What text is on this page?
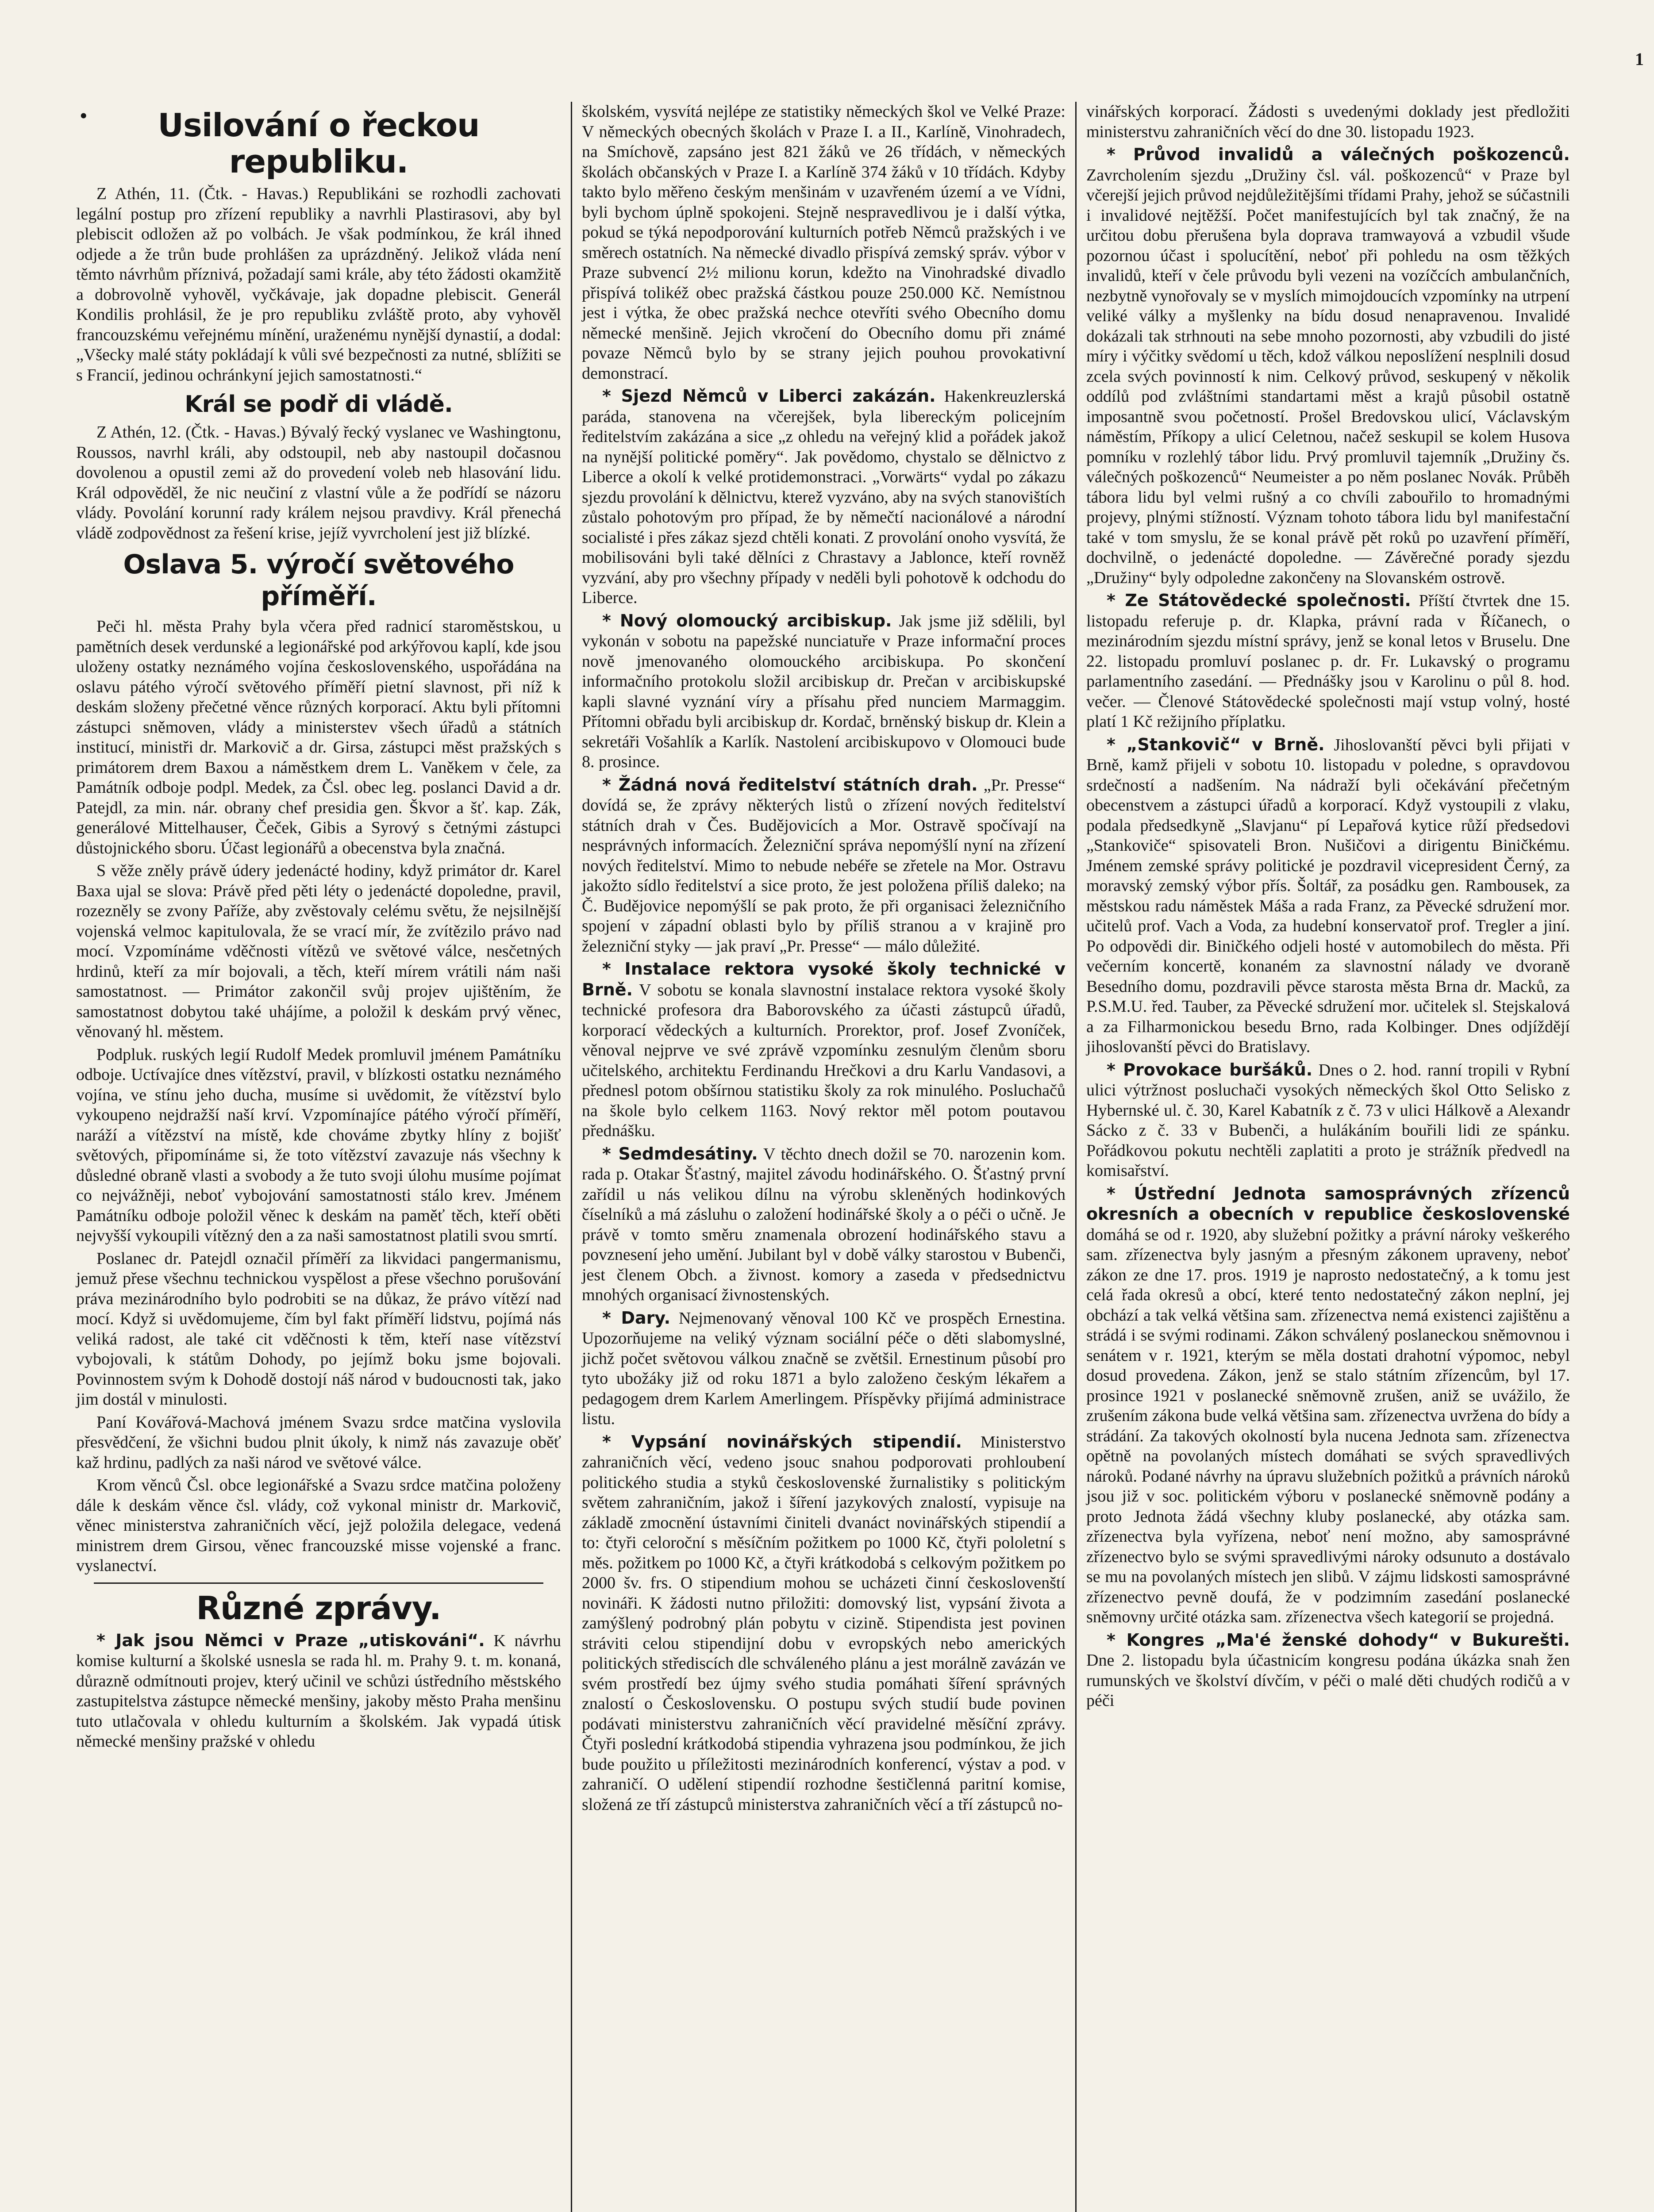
1
•	Usilování o řeckou republiku.

Z Athén, 11. (Čtk. - Havas.) Republikáni se rozhodli zachovati legální postup pro zřízení republiky a navrhli Plastirasovi, aby byl plebiscit odložen až po volbách. Je však podmínkou, že král ihned odjede a že trůn bude prohlášen za uprázdněný. Jelikož vláda není těmto návrhům příznivá, požadají sami krále, aby této žádosti okamžitě a dobrovolně vyhověl, vyčkávaje, jak dopadne plebiscit. Generál Kondilis prohlásil, že je pro republiku zvláště proto, aby vyhověl francouzskému veřejnému mínění, uraženému nynější dynastií, a dodal: „Všecky malé státy pokládají k vůli své bezpečnosti za nutné, sblížiti se s Francií, jedinou ochránkyní jejich samostatnosti.“

Král se podř di vládě.

Z Athén, 12. (Čtk. - Havas.) Bývalý řecký vyslanec ve Washingtonu, Roussos, navrhl králi, aby odstoupil, neb aby nastoupil dočasnou dovolenou a opustil zemi až do provedení voleb neb hlasování lidu. Král odpověděl, že nic neučiní z vlastní vůle a že podřídí se názoru vlády. Povolání korunní rady králem nejsou pravdivy. Král přenechá vládě zodpovědnost za řešení krise, jejíž vyvrcholení jest již blízké.

Oslava 5. výročí světového příměří.

Peči hl. města Prahy byla včera před radnicí staroměstskou, u pamětních desek verdunské a legionářské pod arkýřovou kaplí, kde jsou uloženy ostatky neznámého vojína československého, uspořádána na oslavu pátého výročí světového příměří pietní slavnost, při níž k deskám složeny přečetné věnce různých korporací. Aktu byli přítomni zástupci sněmoven, vlády a ministerstev všech úřadů a státních institucí, ministři dr. Markovič a dr. Girsa, zástupci měst pražských s primátorem drem Baxou a náměstkem drem L. Vaněkem v čele, za Památník odboje podpl. Medek, za Čsl. obec leg. poslanci David a dr. Patejdl, za min. nár. obrany chef presidia gen. Škvor a šť. kap. Zák, generálové Mittelhauser, Čeček, Gibis a Syrový s četnými zástupci důstojnického sboru. Účast legionářů a obecenstva byla značná.

S věže zněly právě údery jedenácté hodiny, když primátor dr. Karel Baxa ujal se slova: Právě před pěti léty o jedenácté dopoledne, pravil, rozezněly se zvony Paříže, aby zvěstovaly celému světu, že nejsilnější vojenská velmoc kapitulovala, že se vrací mír, že zvítězilo právo nad mocí. Vzpomínáme vděčnosti vítězů ve světové válce, nesčetných hrdinů, kteří za mír bojovali, a těch, kteří mírem vrátili nám naši samostatnost. — Primátor zakončil svůj projev ujištěním, že samostatnost dobytou také uhájíme, a položil k deskám prvý věnec, věnovaný hl. městem.

Podpluk. ruských legií Rudolf Medek promluvil jménem Památníku odboje. Uctívajíce dnes vítězství, pravil, v blízkosti ostatku neznámého vojína, ve stínu jeho ducha, musíme si uvědomit, že vítězství bylo vykoupeno nejdražší naší krví. Vzpomínajíce pátého výročí příměří, naráží a vítězství na místě, kde chováme zbytky hlíny z bojišť světových, připomínáme si, že toto vítězství zavazuje nás všechny k důsledné obraně vlasti a svobody a že tuto svoji úlohu musíme pojímat co nejvážněji, neboť vybojování samostatnosti stálo krev. Jménem Památníku odboje položil věnec k deskám na paměť těch, kteří oběti nejvyšší vykoupili vítězný den a za naši samostatnost platili svou smrtí.

Poslanec dr. Patejdl označil příměří za likvidaci pangermanismu, jemuž přese všechnu technickou vyspělost a přese všechno porušování práva mezinárodního bylo podrobiti se na důkaz, že právo vítězí nad mocí. Když si uvědomujeme, čím byl fakt příměří lidstvu, pojímá nás veliká radost, ale také cit vděčnosti k těm, kteří nase vítězství vybojovali, k státům Dohody, po jejímž boku jsme bojovali. Povinnostem svým k Dohodě dostojí náš národ v budoucnosti tak, jako jim dostál v minulosti.

Paní Kovářová-Machová jménem Svazu srdce matčina vyslovila přesvědčení, že všichni budou plnit úkoly, k nimž nás zavazuje oběť kaž hrdinu, padlých za naši národ ve světové válce.

Krom věnců Čsl. obce legionářské a Svazu srdce matčina položeny dále k deskám věnce čsl. vlády, což vykonal ministr dr. Markovič, věnec ministerstva zahraničních věcí, jejž položila delegace, vedená ministrem drem Girsou, věnec francouzské misse vojenské a franc. vyslanectví.

Různé zprávy.

* Jak jsou Němci v Praze „utiskováni“. K návrhu komise kulturní a školské usnesla se rada hl. m. Prahy 9. t. m. konaná, důrazně odmítnouti projev, který učinil ve schůzi ústředního městského zastupitelstva zástupce německé menšiny, jakoby město Praha menšinu tuto utlačovala v ohledu kulturním a školském. Jak vypadá útisk německé menšiny pražské v ohledu

školském, vysvítá nejlépe ze statistiky německých škol ve Velké Praze: V německých obecných školách v Praze I. a II., Karlíně, Vinohradech, na Smíchově, zapsáno jest 821 žáků ve 26 třídách, v německých školách občanských v Praze I. a Karlíně 374 žáků v 10 třídách. Kdyby takto bylo měřeno českým menšinám v uzavřeném území a ve Vídni, byli bychom úplně spokojeni. Stejně nespravedlivou je i další výtka, pokud se týká nepodporování kulturních potřeb Němců pražských i ve směrech ostatních. Na německé divadlo přispívá zemský správ. výbor v Praze subvencí 2½ milionu korun, kdežto na Vinohradské divadlo přispívá tolikéž obec pražská částkou pouze 250.000 Kč. Nemístnou jest i výtka, že obec pražská nechce otevříti svého Obecního domu německé menšině. Jejich vkročení do Obecního domu při známé povaze Němců bylo by se strany jejich pouhou provokativní demonstrací.

* Sjezd Němců v Liberci zakázán. Hakenkreuzlerská paráda, stanovena na včerejšek, byla libereckým policejním ředitelstvím zakázána a sice „z ohledu na veřejný klid a pořádek jakož na nynější politické poměry“. Jak povědomo, chystalo se dělnictvo z Liberce a okolí k velké protidemonstraci. „Vorwärts“ vydal po zákazu sjezdu provolání k dělnictvu, kterež vyzváno, aby na svých stanovištích zůstalo pohotovým pro případ, že by němečtí nacionálové a národní socialisté i přes zákaz sjezd chtěli konati. Z provolání onoho vysvítá, že mobilisováni byli také dělníci z Chrastavy a Jablonce, kteří rovněž vyzvání, aby pro všechny případy v neděli byli pohotově k odchodu do Liberce.

* Nový olomoucký arcibiskup. Jak jsme již sdělili, byl vykonán v sobotu na papežské nunciatuře v Praze informační proces nově jmenovaného olomouckého arcibiskupa. Po skončení informačního protokolu složil arcibiskup dr. Prečan v arcibiskupské kapli slavné vyznání víry a přísahu před nunciem Marmaggim. Přítomni obřadu byli arcibiskup dr. Kordač, brněnský biskup dr. Klein a sekretáři Vošahlík a Karlík. Nastolení arcibiskupovo v Olomouci bude 8. prosince.

* Žádná nová ředitelství státních drah. „Pr. Presse“ dovídá se, že zprávy některých listů o zřízení nových ředitelství státních drah v Čes. Budějovicích a Mor. Ostravě spočívají na nesprávných informacích. Železniční správa nepomýšlí nyní na zřízení nových ředitelství. Mimo to nebude nebéře se zřetele na Mor. Ostravu jakožto sídlo ředitelství a sice proto, že jest položena příliš daleko; na Č. Budějovice nepomýšlí se pak proto, že při organisaci železničního spojení v západní oblasti bylo by příliš stranou a v krajině pro železniční styky — jak praví „Pr. Presse“ — málo důležité.

* Instalace rektora vysoké školy technické v Brně. V sobotu se konala slavnostní instalace rektora vysoké školy technické profesora dra Baborovského za účasti zástupců úřadů, korporací vědeckých a kulturních. Prorektor, prof. Josef Zvoníček, věnoval nejprve ve své zprávě vzpomínku zesnulým členům sboru učitelského, architektu Ferdinandu Hrečkovi a dru Karlu Vandasovi, a přednesl potom obšírnou statistiku školy za rok minulého. Posluchačů na škole bylo celkem 1163. Nový rektor měl potom poutavou přednášku.

* Sedmdesátiny. V těchto dnech dožil se 70. narozenin kom. rada p. Otakar Šťastný, majitel závodu hodinářského. O. Šťastný první zařídil u nás velikou dílnu na výrobu skleněných hodinkových číselníků a má zásluhu o založení hodinářské školy a o péči o učně. Je právě v tomto směru znamenala obrození hodinářského stavu a povznesení jeho umění. Jubilant byl v době války starostou v Bubenči, jest členem Obch. a živnost. komory a zaseda v předsednictvu mnohých organisací živnostenských.

* Dary. Nejmenovaný věnoval 100 Kč ve prospěch Ernestina. Upozorňujeme na veliký význam sociální péče o děti slabomyslné, jichž počet světovou válkou značně se zvětšil. Ernestinum působí pro tyto ubožáky již od roku 1871 a bylo založeno českým lékařem a pedagogem drem Karlem Amerlingem. Příspěvky přijímá administrace listu.

* Vypsání novinářských stipendií. Ministerstvo zahraničních věcí, vedeno jsouc snahou podporovati prohloubení politického studia a styků československé žurnalistiky s politickým světem zahraničním, jakož i šíření jazykových znalostí, vypisuje na základě zmocnění ústavními činiteli dvanáct novinářských stipendií a to: čtyři celoroční s měsíčním požitkem po 1000 Kč, čtyři pololetní s měs. požitkem po 1000 Kč, a čtyři krátkodobá s celkovým požitkem po 2000 šv. frs. O stipendium mohou se ucházeti činní českoslovenští novináři. K žádosti nutno přiložiti: domovský list, vypsání života a zamýšlený podrobný plán pobytu v cizině. Stipendista jest povinen stráviti celou stipendijní dobu v evropských nebo amerických politických střediscích dle schváleného plánu a jest morálně zavázán ve svém prostředí bez újmy svého studia pomáhati šíření správných znalostí o Československu. O postupu svých studií bude povinen podávati ministerstvu zahraničních věcí pravidelné měsíční zprávy. Čtyři poslední krátkodobá stipendia vyhrazena jsou podmínkou, že jich bude použito u příležitosti mezinárodních konferencí, výstav a pod. v zahraničí. O udělení stipendií rozhodne šestičlenná paritní komise, složená ze tří zástupců ministerstva zahraničních věcí a tří zástupců no-

vinářských korporací. Žádosti s uvedenými doklady jest předložiti ministerstvu zahraničních věcí do dne 30. listopadu 1923.

* Průvod invalidů a válečných poškozenců. Zavrcholením sjezdu „Družiny čsl. vál. poškozenců“ v Praze byl včerejší jejich průvod nejdůležitějšími třídami Prahy, jehož se súčastnili i invalidové nejtěžší. Počet manifestujících byl tak značný, že na určitou dobu přerušena byla doprava tramwayová a vzbudil všude pozornou účast i spolucítění, neboť při pohledu na osm těžkých invalidů, kteří v čele průvodu byli vezeni na vozíčcích ambulančních, nezbytně vynořovaly se v myslích mimojdoucích vzpomínky na utrpení veliké války a myšlenky na bídu dosud nenapravenou. Invalidé dokázali tak strhnouti na sebe mnoho pozornosti, aby vzbudili do jisté míry i výčitky svědomí u těch, kdož válkou neposlížení nesplnili dosud zcela svých povinností k nim. Celkový průvod, seskupený v několik oddílů pod zvláštními standartami měst a krajů působil ostatně imposantně svou početností. Prošel Bredovskou ulicí, Václavským náměstím, Příkopy a ulicí Celetnou, načež seskupil se kolem Husova pomníku v rozlehlý tábor lidu. Prvý promluvil tajemník „Družiny čs. válečných poškozenců“ Neumeister a po něm poslanec Novák. Průběh tábora lidu byl velmi rušný a co chvíli zabouřilo to hromadnými projevy, plnými stížností. Význam tohoto tábora lidu byl manifestační také v tom smyslu, že se konal právě pět roků po uzavření příměří, dochvilně, o jedenácté dopoledne. — Závěrečné porady sjezdu „Družiny“ byly odpoledne zakončeny na Slovanském ostrově.

* Ze Státovědecké společnosti. Příští čtvrtek dne 15. listopadu referuje p. dr. Klapka, právní rada v Říčanech, o mezinárodním sjezdu místní správy, jenž se konal letos v Bruselu. Dne 22. listopadu promluví poslanec p. dr. Fr. Lukavský o programu parlamentního zasedání. — Přednášky jsou v Karolinu o půl 8. hod. večer. — Členové Státovědecké společnosti mají vstup volný, hosté platí 1 Kč režijního příplatku.

* „Stankovič“ v Brně. Jihoslovanští pěvci byli přijati v Brně, kamž přijeli v sobotu 10. listopadu v poledne, s opravdovou srdečností a nadšením. Na nádraží byli očekávání přečetným obecenstvem a zástupci úřadů a korporací. Když vystoupili z vlaku, podala předsedkyně „Slavjanu“ pí Lepařová kytice růží předsedovi „Stankoviče“ spisovateli Bron. Nušičovi a dirigentu Biničkému. Jménem zemské správy politické je pozdravil vicepresident Černý, za moravský zemský výbor přís. Šoltář, za posádku gen. Rambousek, za městskou radu náměstek Máša a rada Franz, za Pěvecké sdružení mor. učitelů prof. Vach a Voda, za hudební konservatoř prof. Tregler a jiní. Po odpovědi dir. Biničkého odjeli hosté v automobilech do města. Při večerním koncertě, konaném za slavnostní nálady ve dvoraně Besedního domu, pozdravili pěvce starosta města Brna dr. Macků, za P.S.M.U. řed. Tauber, za Pěvecké sdružení mor. učitelek sl. Stejskalová a za Filharmonickou besedu Brno, rada Kolbinger. Dnes odjíždějí jihoslovanští pěvci do Bratislavy.

* Provokace buršáků. Dnes o 2. hod. ranní tropili v Rybní ulici výtržnost posluchači vysokých německých škol Otto Selisko z Hybernské ul. č. 30, Karel Kabatník z č. 73 v ulici Hálkově a Alexandr Sácko z č. 33 v Bubenči, a hulákáním bouřili lidi ze spánku. Pořádkovou pokutu nechtěli zaplatiti a proto je strážník předvedl na komisařství.

* Ústřední Jednota samosprávných zřízenců okresních a obecních v republice československé domáhá se od r. 1920, aby služební požitky a právní nároky veškerého sam. zřízenectva byly jasným a přesným zákonem upraveny, neboť zákon ze dne 17. pros. 1919 je naprosto nedostatečný, a k tomu jest celá řada okresů a obcí, které tento nedostatečný zákon neplní, jej obchází a tak velká většina sam. zřízenectva nemá existenci zajištěnu a strádá i se svými rodinami. Zákon schválený poslaneckou sněmovnou i senátem v r. 1921, kterým se měla dostati drahotní výpomoc, nebyl dosud provedena. Zákon, jenž se stalo státním zřízencům, byl 17. prosince 1921 v poslanecké sněmovně zrušen, aniž se uvážilo, že zrušením zákona bude velká většina sam. zřízenectva uvržena do bídy a strádání. Za takových okolností byla nucena Jednota sam. zřízenectva opětně na povolaných místech domáhati se svých spravedlivých nároků. Podané návrhy na úpravu služebních požitků a právních nároků jsou již v soc. politickém výboru v poslanecké sněmovně podány a proto Jednota žádá všechny kluby poslanecké, aby otázka sam. zřízenectva byla vyřízena, neboť není možno, aby samosprávné zřízenectvo bylo se svými spravedlivými nároky odsunuto a dostávalo se mu na povolaných místech jen slibů. V zájmu lidskosti samosprávné zřízenectvo pevně doufá, že v podzimním zasedání poslanecké sněmovny určité otázka sam. zřízenectva všech kategorií se projedná.

* Kongres „Ma'é ženské dohody“ v Bukurešti. Dne 2. listopadu byla účastnicím kongresu podána úkázka snah žen rumunských ve školství dívčím, v péči o malé děti chudých rodičů a v péči
